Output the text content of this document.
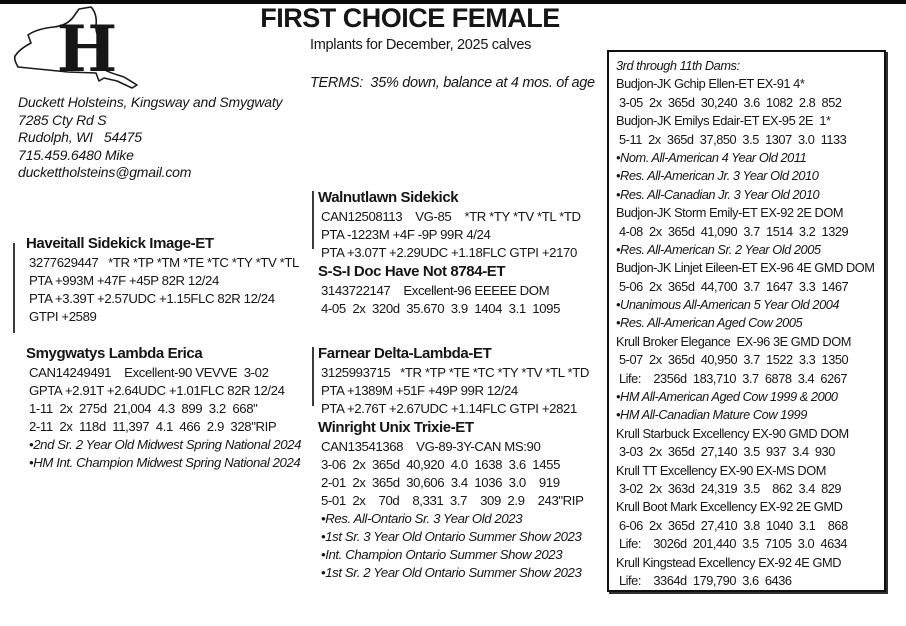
H	FIRST CHOICE FEMALE
Implants for December, 2025 calves
TERMS:  35% down, balance at 4 mos. of age
Duckett Holsteins, Kingsway and Smygwaty
7285 Cty Rd S
Rudolph, WI   54475
715.459.6480 Mike
duckettholsteins@gmail.com
Haveitall Sidekick Image-ET
3277629447   *TR *TP *TM *TE *TC *TY *TV *TL
PTA +993M +47F +45P 82R 12/24
PTA +3.39T +2.57UDC +1.15FLC 82R 12/24
GTPI +2589
Smygwatys Lambda Erica
CAN14249491    Excellent-90 VEVVE  3-02
GPTA +2.91T +2.64UDC +1.01FLC 82R 12/24
1-11  2x  275d  21,004  4.3  899  3.2  668"
2-11  2x  118d  11,397  4.1  466  2.9  328"RIP
•2nd Sr. 2 Year Old Midwest Spring National 2024
•HM Int. Champion Midwest Spring National 2024
Walnutlawn Sidekick
CAN12508113    VG-85    *TR *TY *TV *TL *TD
PTA -1223M +4F -9P 99R 4/24
PTA +3.07T +2.29UDC +1.18FLC GTPI +2170
S-S-I Doc Have Not 8784-ET
3143722147    Excellent-96 EEEEE DOM
4-05  2x  320d  35.670  3.9  1404  3.1  1095
Farnear Delta-Lambda-ET
3125993715   *TR *TP *TE *TC *TY *TV *TL *TD
PTA +1389M +51F +49P 99R 12/24
PTA +2.76T +2.67UDC +1.14FLC GTPI +2821
Winright Unix Trixie-ET
CAN13541368    VG-89-3Y-CAN MS:90
3-06  2x  365d  40,920  4.0  1638  3.6  1455
2-01  2x  365d  30,606  3.4  1036  3.0    919
5-01  2x    70d    8,331  3.7    309  2.9    243"RIP
•Res. All-Ontario Sr. 3 Year Old 2023
•1st Sr. 3 Year Old Ontario Summer Show 2023
•Int. Champion Ontario Summer Show 2023
•1st Sr. 2 Year Old Ontario Summer Show 2023
3rd through 11th Dams:
Budjon-JK Gchip Ellen-ET EX-91 4*
3-05  2x  365d  30,240  3.6  1082  2.8  852
Budjon-JK Emilys Edair-ET EX-95 2E  1*
5-11  2x  365d  37,850  3.5  1307  3.0  1133
•Nom. All-American 4 Year Old 2011
•Res. All-American Jr. 3 Year Old 2010
•Res. All-Canadian Jr. 3 Year Old 2010
Budjon-JK Storm Emily-ET EX-92 2E DOM
4-08  2x  365d  41,090  3.7  1514  3.2  1329
•Res. All-American Sr. 2 Year Old 2005
Budjon-JK Linjet Eileen-ET EX-96 4E GMD DOM
5-06  2x  365d  44,700  3.7  1647  3.3  1467
•Unanimous All-American 5 Year Old 2004
•Res. All-American Aged Cow 2005
Krull Broker Elegance  EX-96 3E GMD DOM
5-07  2x  365d  40,950  3.7  1522  3.3  1350
Life:    2356d  183,710  3.7  6878  3.4  6267
•HM All-American Aged Cow 1999 & 2000
•HM All-Canadian Mature Cow 1999
Krull Starbuck Excellency EX-90 GMD DOM
3-03  2x  365d  27,140  3.5  937  3.4  930
Krull TT Excellency EX-90 EX-MS DOM
3-02  2x  363d  24,319  3.5    862  3.4  829
Krull Boot Mark Excellency EX-92 2E GMD
6-06  2x  365d  27,410  3.8  1040  3.1    868
Life:    3026d  201,440  3.5  7105  3.0  4634
Krull Kingstead Excellency EX-92 4E GMD
Life:    3364d  179,790  3.6  6436
